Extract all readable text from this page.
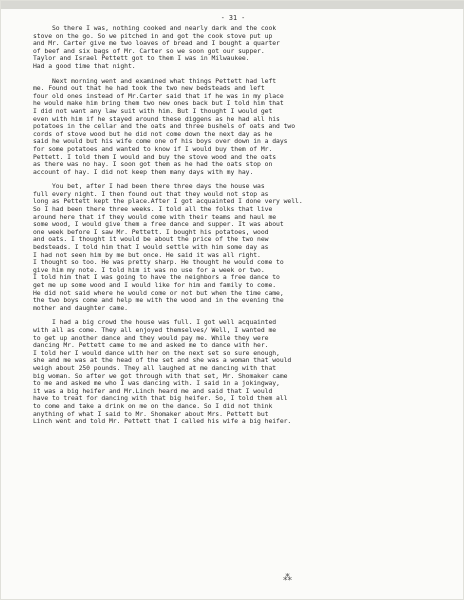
- 31 -
So there I was, nothing cooked and nearly dark and the cook
stove on the go. So we pitched in and got the cook stove put up
and Mr. Carter give me two loaves of bread and I bought a quarter
of beef and six bags of Mr. Carter so we soon got our supper.
Taylor and Israel Pettett got to them I was in Milwaukee.
Had a good time that night.
Next morning went and examined what things Pettett had left
me. Found out that he had took the two new bedsteads and left
four old ones instead of Mr.Carter said that if he was in my place
he would make him bring them two new ones back but I told him that
I did not want any law suit with him. But I thought I would get
even with him if he stayed around these diggens as he had all his
potatoes in the cellar and the oats and three bushels of oats and two
cords of stove wood but he did not come down the next day as he
said he would but his wife come one of his boys over down in a days
for some potatoes and wanted to know if I would buy them of Mr.
Pettett. I told them I would and buy the stove wood and the oats
as there was no hay. I soon got them as he had the oats stop on
account of hay. I did not keep them many days with my hay.
You bet, after I had been there three days the house was
full every night. I then found out that they would not stop as
long as Pettett kept the place.After I got acquainted I done very well.
So I had been there three weeks. I told all the folks that live
around here that if they would come with their teams and haul me
some wood, I would give them a free dance and supper. It was about
one week before I saw Mr. Pettett. I bought his potatoes, wood
and oats. I thought it would be about the price of the two new
bedsteads. I told him that I would settle with him some day as
I had not seen him by me but once. He said it was all right.
I thought so too. He was pretty sharp. He thought he would come to
give him my note. I told him it was no use for a week or two.
I told him that I was going to have the neighbors a free dance to
get me up some wood and I would like for him and family to come.
He did not said where he would come or not but when the time came,
the two boys come and help me with the wood and in the evening the
mother and daughter came.
I had a big crowd the house was full. I got well acquainted
with all as come. They all enjoyed themselves/ Well, I wanted me
to get up another dance and they would pay me. While they were
dancing Mr. Pettett came to me and asked me to dance with her.
I told her I would dance with her on the next set so sure enough,
she and me was at the head of the set and she was a woman that would
weigh about 250 pounds. They all laughed at me dancing with that
big woman. So after we got through with that set, Mr. Shomaker came
to me and asked me who I was dancing with. I said in a jokingway,
it was a big heifer and Mr.Linch heard me and said that I would
have to treat for dancing with that big heifer. So, I told them all
to come and take a drink on me on the dance. So I did not think
anything of what I said to Mr. Shomaker about Mrs. Pettett but
Linch went and told Mr. Pettett that I called his wife a big heifer.
⁂
